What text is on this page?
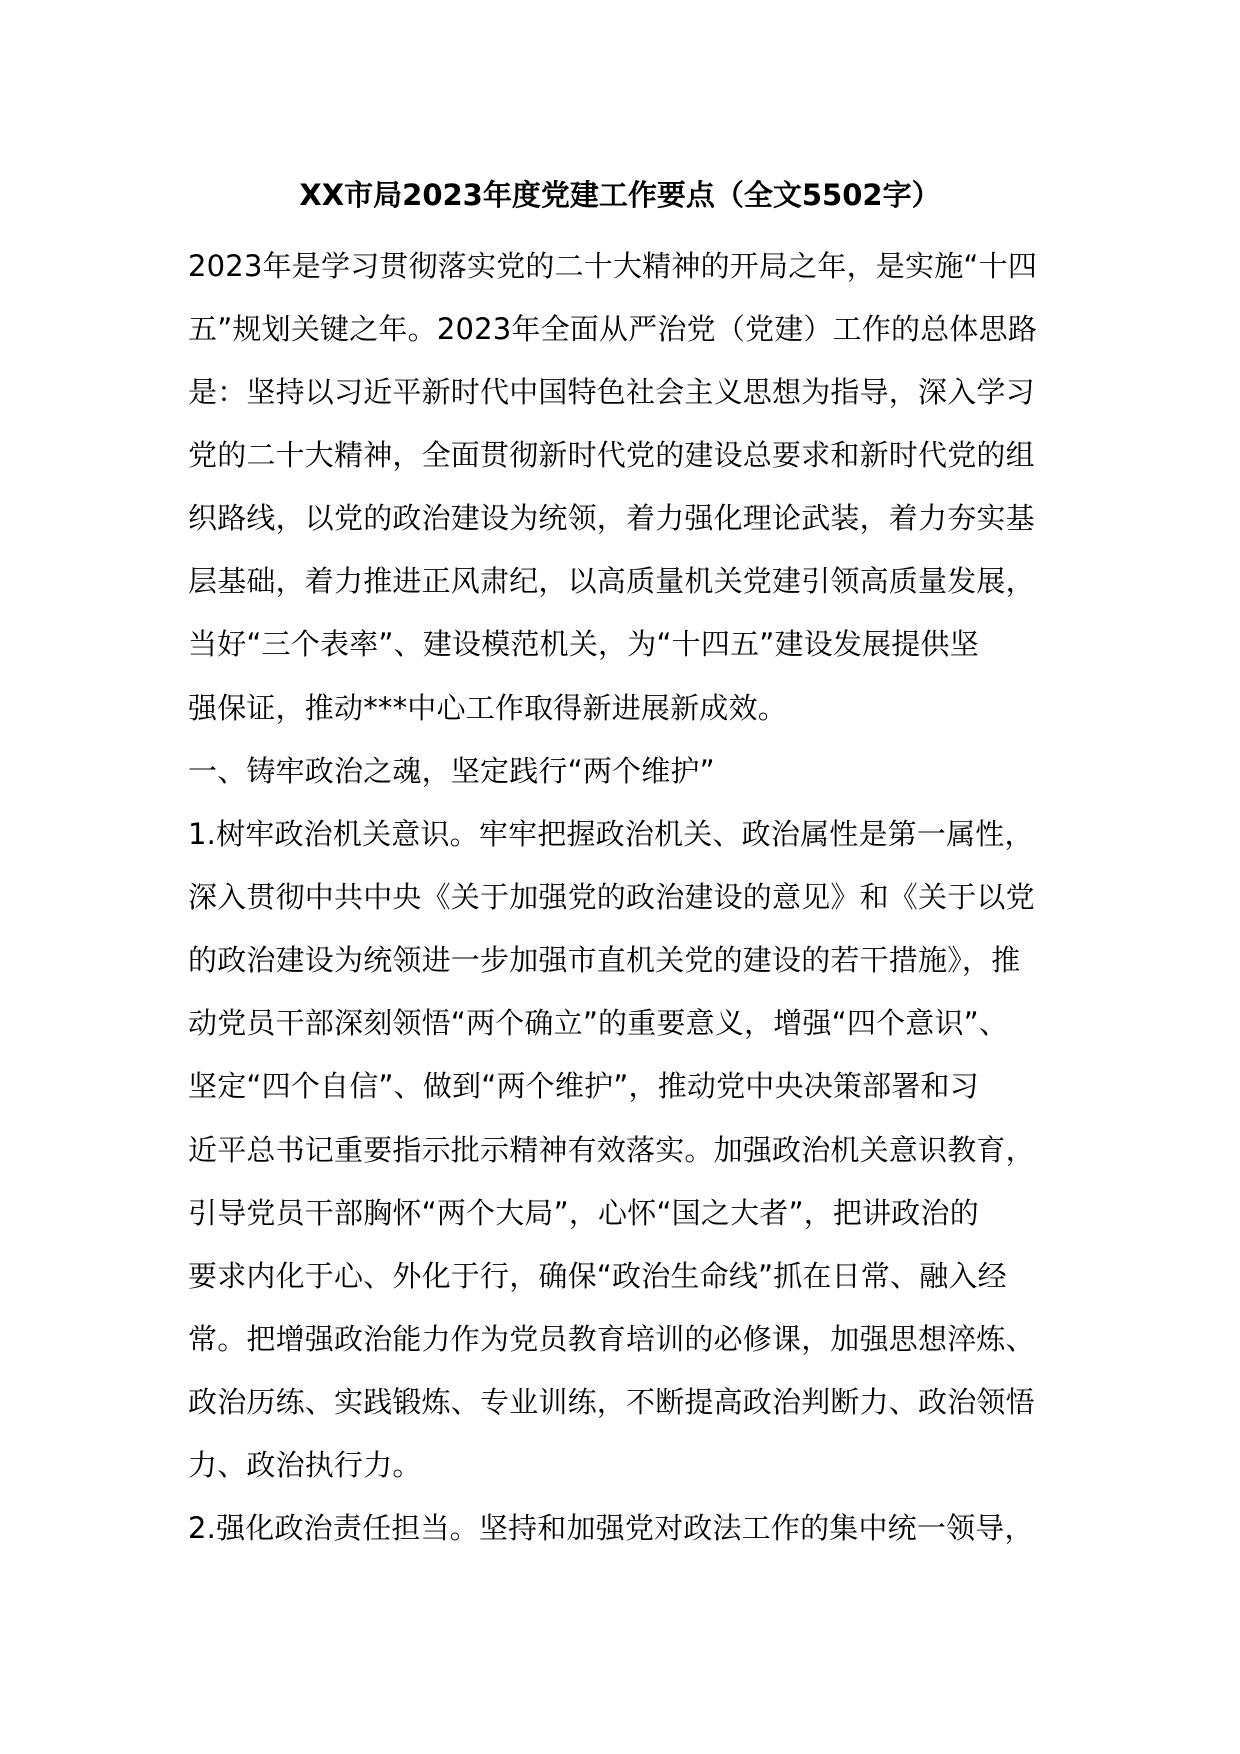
XX市局2023年度党建工作要点（全文5502字）
2023年是学习贯彻落实党的二十大精神的开局之年，是实施“十四
五”规划关键之年。2023年全面从严治党（党建）工作的总体思路
是：坚持以习近平新时代中国特色社会主义思想为指导，深入学习
党的二十大精神，全面贯彻新时代党的建设总要求和新时代党的组
织路线，以党的政治建设为统领，着力强化理论武装，着力夯实基
层基础，着力推进正风肃纪，以高质量机关党建引领高质量发展，
当好“三个表率”、建设模范机关，为“十四五”建设发展提供坚
强保证，推动***中心工作取得新进展新成效。
一、铸牢政治之魂，坚定践行“两个维护”
1.树牢政治机关意识。牢牢把握政治机关、政治属性是第一属性，
深入贯彻中共中央《关于加强党的政治建设的意见》和《关于以党
的政治建设为统领进一步加强市直机关党的建设的若干措施》，推
动党员干部深刻领悟“两个确立”的重要意义，增强“四个意识”、
坚定“四个自信”、做到“两个维护”，推动党中央决策部署和习
近平总书记重要指示批示精神有效落实。加强政治机关意识教育，
引导党员干部胸怀“两个大局”，心怀“国之大者”，把讲政治的
要求内化于心、外化于行，确保“政治生命线”抓在日常、融入经
常。把增强政治能力作为党员教育培训的必修课，加强思想淬炼、
政治历练、实践锻炼、专业训练，不断提高政治判断力、政治领悟
力、政治执行力。
2.强化政治责任担当。坚持和加强党对政法工作的集中统一领导，
